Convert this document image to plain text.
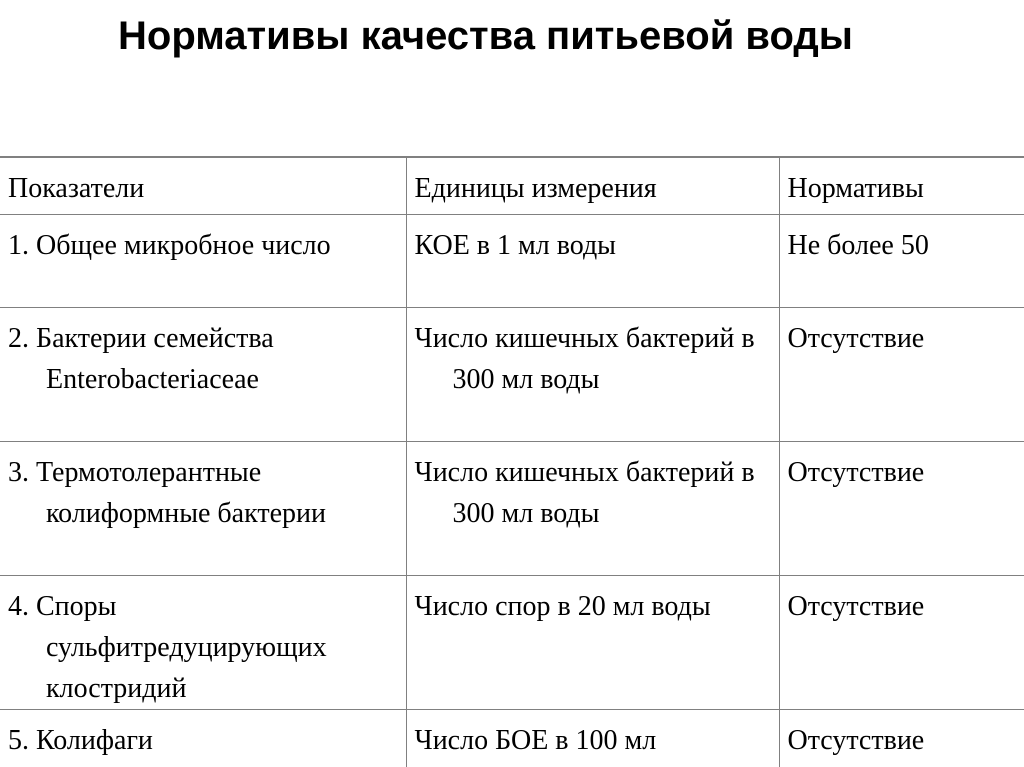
Нормативы качества питьевой воды
Показатели	Единицы измерения	Нормативы

1. Общее микробное число	КОЕ в 1 мл воды	Не более 50

2. Бактерии семейства Enterobacteriaceae	Число кишечных бактерий в 300 мл воды	Отсутствие

3. Термотолерантные колиформные бактерии	Число кишечных бактерий в 300 мл воды	Отсутствие

4. Споры сульфитредуцирующих клостридий	Число спор в 20 мл воды	Отсутствие

5. Колифаги	Число БОЕ в 100 мл	Отсутствие
